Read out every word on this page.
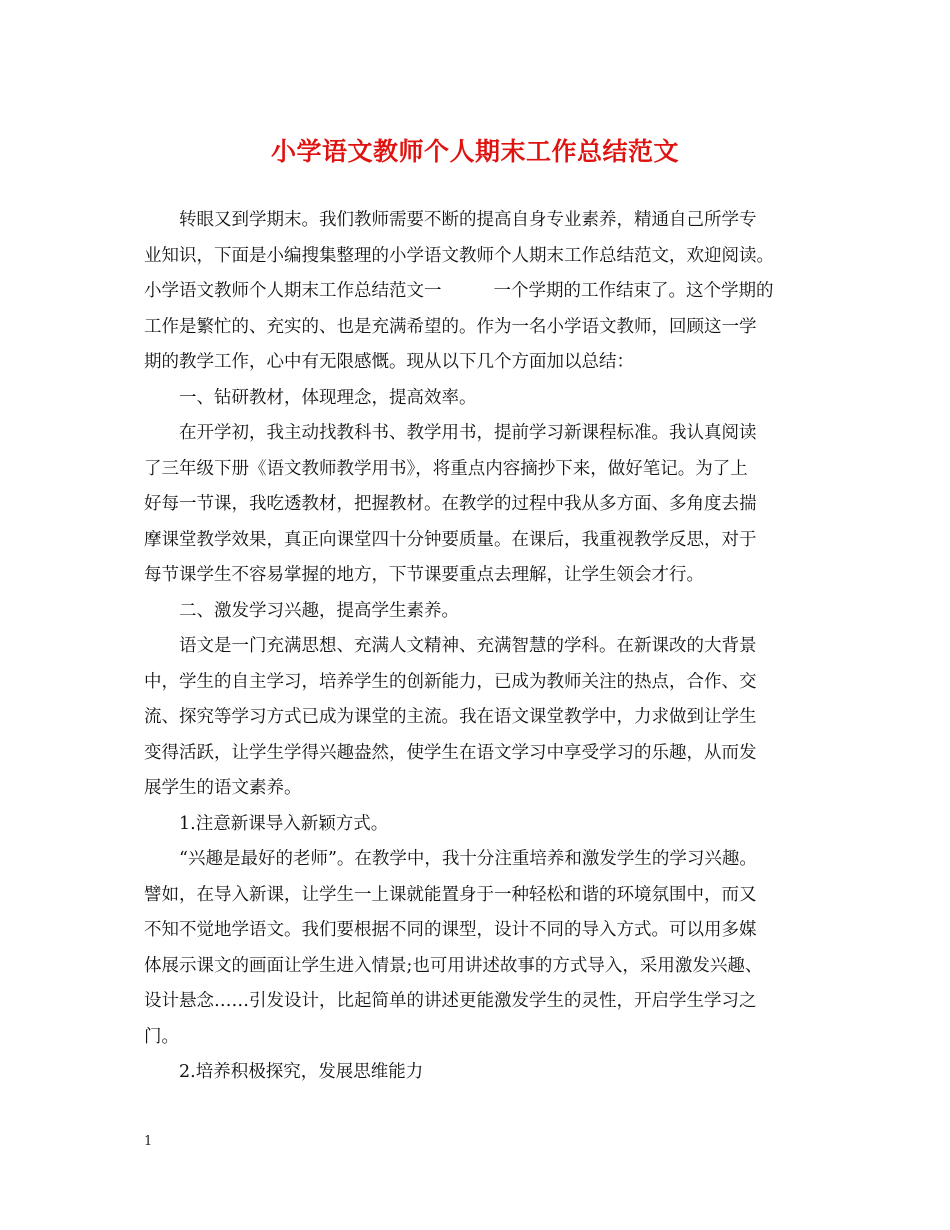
小学语文教师个人期末工作总结范文
转眼又到学期末。我们教师需要不断的提高自身专业素养，精通自己所学专
业知识，下面是小编搜集整理的小学语文教师个人期末工作总结范文，欢迎阅读。
小学语文教师个人期末工作总结范文一	一个学期的工作结束了。这个学期的
工作是繁忙的、充实的、也是充满希望的。作为一名小学语文教师，回顾这一学
期的教学工作，心中有无限感慨。现从以下几个方面加以总结：
一、钻研教材，体现理念，提高效率。
在开学初，我主动找教科书、教学用书，提前学习新课程标准。我认真阅读
了三年级下册《语文教师教学用书》，将重点内容摘抄下来，做好笔记。为了上
好每一节课，我吃透教材，把握教材。在教学的过程中我从多方面、多角度去揣
摩课堂教学效果，真正向课堂四十分钟要质量。在课后，我重视教学反思，对于
每节课学生不容易掌握的地方，下节课要重点去理解，让学生领会才行。
二、激发学习兴趣，提高学生素养。
语文是一门充满思想、充满人文精神、充满智慧的学科。在新课改的大背景
中，学生的自主学习，培养学生的创新能力，已成为教师关注的热点，合作、交
流、探究等学习方式已成为课堂的主流。我在语文课堂教学中，力求做到让学生
变得活跃，让学生学得兴趣盎然，使学生在语文学习中享受学习的乐趣，从而发
展学生的语文素养。
1.注意新课导入新颖方式。
“兴趣是最好的老师”。在教学中，我十分注重培养和激发学生的学习兴趣。
譬如，在导入新课，让学生一上课就能置身于一种轻松和谐的环境氛围中，而又
不知不觉地学语文。我们要根据不同的课型，设计不同的导入方式。可以用多媒
体展示课文的画面让学生进入情景;也可用讲述故事的方式导入，采用激发兴趣、
设计悬念……引发设计，比起简单的讲述更能激发学生的灵性，开启学生学习之
门。
2.培养积极探究，发展思维能力
1
